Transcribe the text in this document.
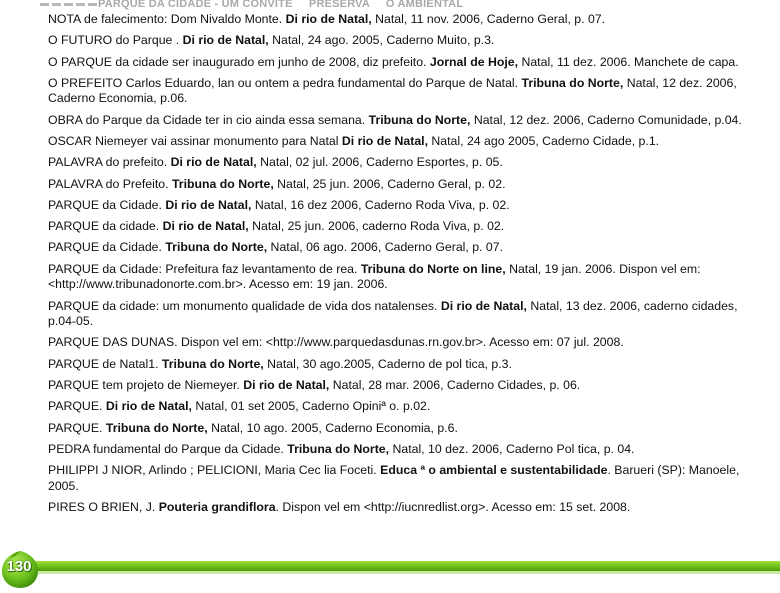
PARQUE DA CIDADE - UM CONVITE     PRESERVA     O AMBIENTAL

NOTA de falecimento: Dom Nivaldo Monte. Di rio de Natal, Natal, 11 nov. 2006, Caderno Geral, p. 07.

O FUTURO do Parque . Di rio de Natal, Natal, 24 ago. 2005, Caderno Muito, p.3.

O PARQUE da cidade ser inaugurado em junho de 2008, diz prefeito. Jornal de Hoje, Natal, 11 dez. 2006. Manchete de capa.

O PREFEITO Carlos Eduardo, lan ou ontem a pedra fundamental do Parque de Natal. Tribuna do Norte, Natal, 12 dez. 2006, Caderno Economia, p.06.

OBRA do Parque da Cidade ter in cio ainda essa semana. Tribuna do Norte, Natal, 12 dez. 2006, Caderno Comunidade, p.04.

OSCAR Niemeyer vai assinar monumento para Natal Di rio de Natal, Natal, 24 ago 2005, Caderno Cidade, p.1.

PALAVRA do prefeito. Di rio de Natal, Natal, 02 jul. 2006, Caderno Esportes, p. 05.

PALAVRA do Prefeito. Tribuna do Norte, Natal, 25 jun. 2006, Caderno Geral, p. 02.

PARQUE da Cidade. Di rio de Natal, Natal, 16 dez 2006, Caderno Roda Viva, p. 02.

PARQUE da cidade. Di rio de Natal, Natal, 25 jun. 2006, caderno Roda Viva, p. 02.

PARQUE da Cidade. Tribuna do Norte, Natal, 06 ago. 2006, Caderno Geral, p. 07.

PARQUE da Cidade: Prefeitura faz levantamento de rea. Tribuna do Norte on line, Natal, 19 jan. 2006. Dispon vel em: <http://www.tribunadonorte.com.br>. Acesso em: 19 jan. 2006.

PARQUE da cidade: um monumento qualidade de vida dos natalenses. Di rio de Natal, Natal, 13 dez. 2006, caderno cidades, p.04-05.

PARQUE DAS DUNAS. Dispon vel em: <http://www.parquedasdunas.rn.gov.br>. Acesso em: 07 jul. 2008.

PARQUE de Natal1. Tribuna do Norte, Natal, 30 ago.2005, Caderno de pol tica, p.3.

PARQUE tem projeto de Niemeyer. Di rio de Natal, Natal, 28 mar. 2006, Caderno Cidades, p. 06.

PARQUE. Di rio de Natal, Natal, 01 set 2005, Caderno Opiniª o. p.02.

PARQUE. Tribuna do Norte, Natal, 10 ago. 2005, Caderno Economia, p.6.

PEDRA fundamental do Parque da Cidade. Tribuna do Norte, Natal, 10 dez. 2006, Caderno Pol tica, p. 04.

PHILIPPI J NIOR, Arlindo ; PELICIONI, Maria Cec lia Foceti. Educa ª o ambiental e sustentabilidade. Barueri (SP): Manoele, 2005.

PIRES O BRIEN, J. Pouteria grandiflora. Dispon vel em <http://iucnredlist.org>. Acesso em: 15 set. 2008.

130
